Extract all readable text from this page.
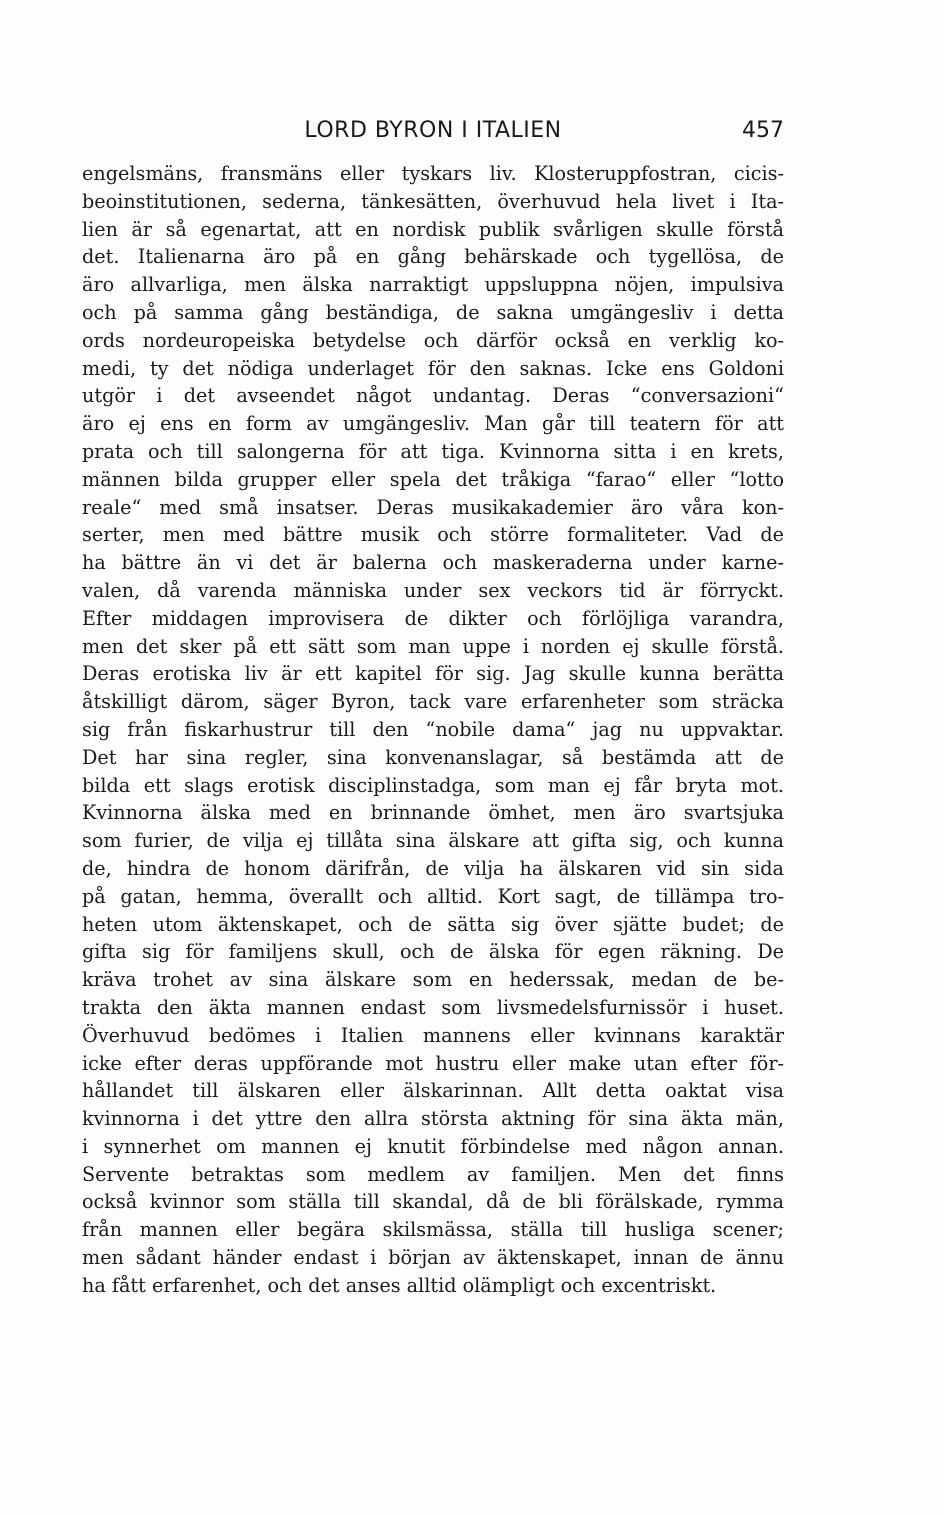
LORD BYRON I ITALIEN	457
engelsmäns, fransmäns eller tyskars liv. Klosteruppfostran, cicis-
beoinstitutionen, sederna, tänkesätten, överhuvud hela livet i Ita-
lien är så egenartat, att en nordisk publik svårligen skulle förstå
det. Italienarna äro på en gång behärskade och tygellösa, de
äro allvarliga, men älska narraktigt uppsluppna nöjen, impulsiva
och på samma gång beständiga, de sakna umgängesliv i detta
ords nordeuropeiska betydelse och därför också en verklig ko-
medi, ty det nödiga underlaget för den saknas. Icke ens Goldoni
utgör i det avseendet något undantag. Deras “conversazioni“
äro ej ens en form av umgängesliv. Man går till teatern för att
prata och till salongerna för att tiga. Kvinnorna sitta i en krets,
männen bilda grupper eller spela det tråkiga “farao“ eller “lotto
reale“ med små insatser. Deras musikakademier äro våra kon-
serter, men med bättre musik och större formaliteter. Vad de
ha bättre än vi det är balerna och maskeraderna under karne-
valen, då varenda människa under sex veckors tid är förryckt.
Efter middagen improvisera de dikter och förlöjliga varandra,
men det sker på ett sätt som man uppe i norden ej skulle förstå.
Deras erotiska liv är ett kapitel för sig. Jag skulle kunna berätta
åtskilligt därom, säger Byron, tack vare erfarenheter som sträcka
sig från fiskarhustrur till den “nobile dama“ jag nu uppvaktar.
Det har sina regler, sina konvenanslagar, så bestämda att de
bilda ett slags erotisk disciplinstadga, som man ej får bryta mot.
Kvinnorna älska med en brinnande ömhet, men äro svartsjuka
som furier, de vilja ej tillåta sina älskare att gifta sig, och kunna
de, hindra de honom därifrån, de vilja ha älskaren vid sin sida
på gatan, hemma, överallt och alltid. Kort sagt, de tillämpa tro-
heten utom äktenskapet, och de sätta sig över sjätte budet; de
gifta sig för familjens skull, och de älska för egen räkning. De
kräva trohet av sina älskare som en hederssak, medan de be-
trakta den äkta mannen endast som livsmedelsfurnissör i huset.
Överhuvud bedömes i Italien mannens eller kvinnans karaktär
icke efter deras uppförande mot hustru eller make utan efter för-
hållandet till älskaren eller älskarinnan. Allt detta oaktat visa
kvinnorna i det yttre den allra största aktning för sina äkta män,
i synnerhet om mannen ej knutit förbindelse med någon annan.
Servente betraktas som medlem av familjen. Men det finns
också kvinnor som ställa till skandal, då de bli förälskade, rymma
från mannen eller begära skilsmässa, ställa till husliga scener;
men sådant händer endast i början av äktenskapet, innan de ännu
ha fått erfarenhet, och det anses alltid olämpligt och excentriskt.
